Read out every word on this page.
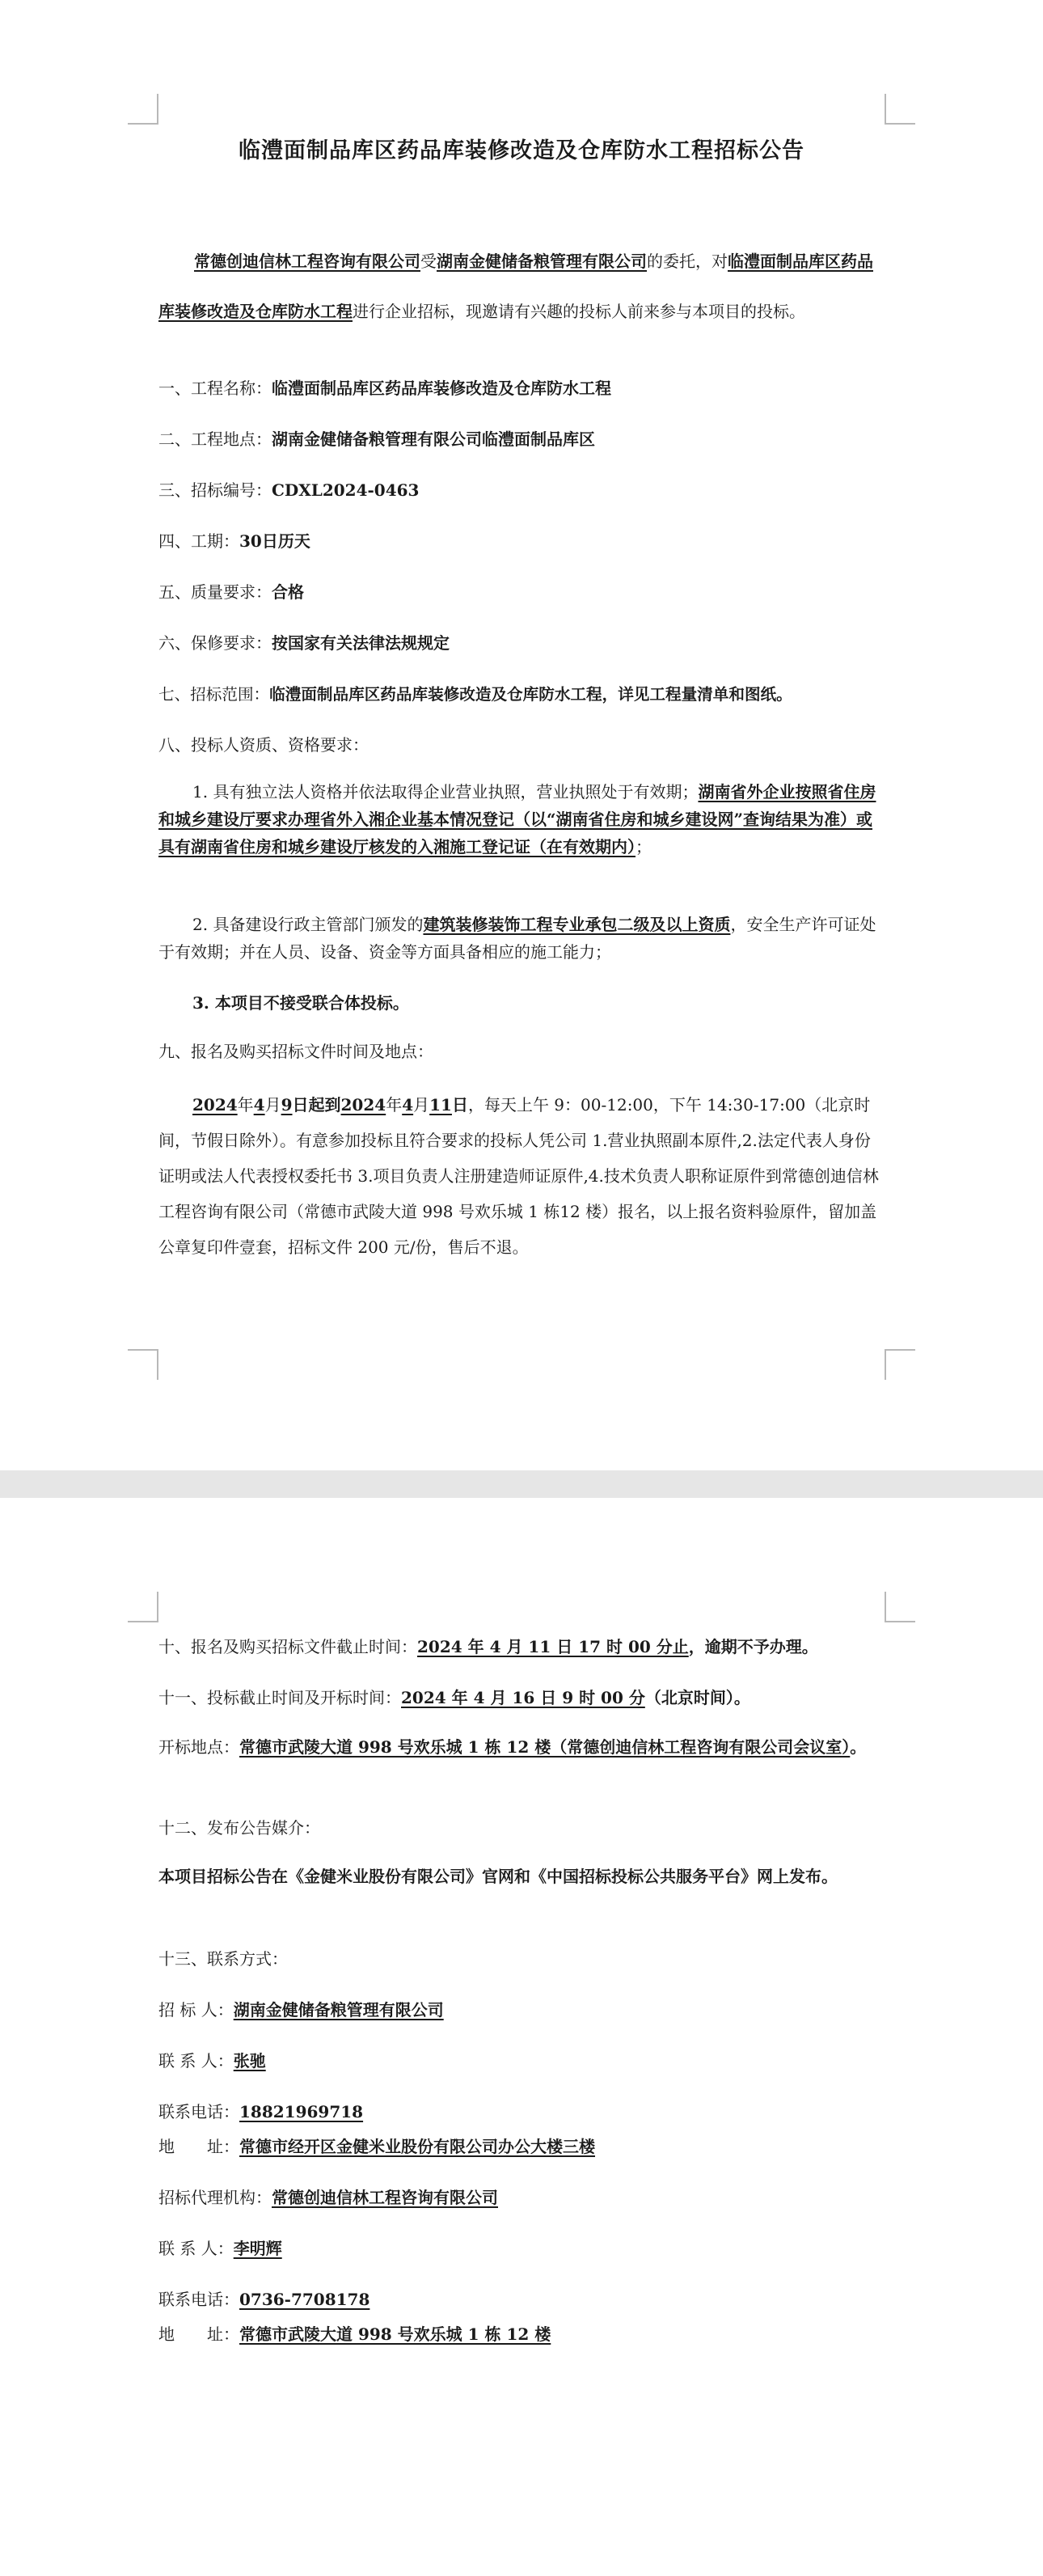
临澧面制品库区药品库装修改造及仓库防水工程招标公告

常德创迪信林工程咨询有限公司受湖南金健储备粮管理有限公司的委托，对临澧面制品库区药品库装修改造及仓库防水工程进行企业招标，现邀请有兴趣的投标人前来参与本项目的投标。

一、工程名称：临澧面制品库区药品库装修改造及仓库防水工程

二、工程地点：湖南金健储备粮管理有限公司临澧面制品库区

三、招标编号：CDXL2024-0463

四、工期：30日历天

五、质量要求：合格

六、保修要求：按国家有关法律法规规定

七、招标范围：临澧面制品库区药品库装修改造及仓库防水工程，详见工程量清单和图纸。

八、投标人资质、资格要求：

1. 具有独立法人资格并依法取得企业营业执照，营业执照处于有效期；湖南省外企业按照省住房和城乡建设厅要求办理省外入湘企业基本情况登记（以“湖南省住房和城乡建设网”查询结果为准）或具有湖南省住房和城乡建设厅核发的入湘施工登记证（在有效期内）；

2. 具备建设行政主管部门颁发的建筑装修装饰工程专业承包二级及以上资质，安全生产许可证处于有效期；并在人员、设备、资金等方面具备相应的施工能力；

3. 本项目不接受联合体投标。

九、报名及购买招标文件时间及地点：

2024年4月9日起到2024年4月11日，每天上午 9：00-12:00，下午 14:30-17:00（北京时间，节假日除外）。有意参加投标且符合要求的投标人凭公司 1.营业执照副本原件,2.法定代表人身份证明或法人代表授权委托书 3.项目负责人注册建造师证原件,4.技术负责人职称证原件到常德创迪信林工程咨询有限公司（常德市武陵大道 998 号欢乐城 1 栋12 楼）报名，以上报名资料验原件，留加盖公章复印件壹套，招标文件 200 元/份，售后不退。

十、报名及购买招标文件截止时间：2024 年 4 月 11 日 17 时 00 分止，逾期不予办理。

十一、投标截止时间及开标时间：2024 年 4 月 16 日 9 时 00 分（北京时间）。

开标地点：常德市武陵大道 998 号欢乐城 1 栋 12 楼（常德创迪信林工程咨询有限公司会议室）。

十二、发布公告媒介：

本项目招标公告在《金健米业股份有限公司》官网和《中国招标投标公共服务平台》网上发布。

十三、联系方式：

招 标 人：湖南金健储备粮管理有限公司

联 系 人：张驰

联系电话：18821969718

地　　址：常德市经开区金健米业股份有限公司办公大楼三楼

招标代理机构：常德创迪信林工程咨询有限公司

联 系 人：李明辉

联系电话：0736-7708178

地　　址：常德市武陵大道 998 号欢乐城 1 栋 12 楼
